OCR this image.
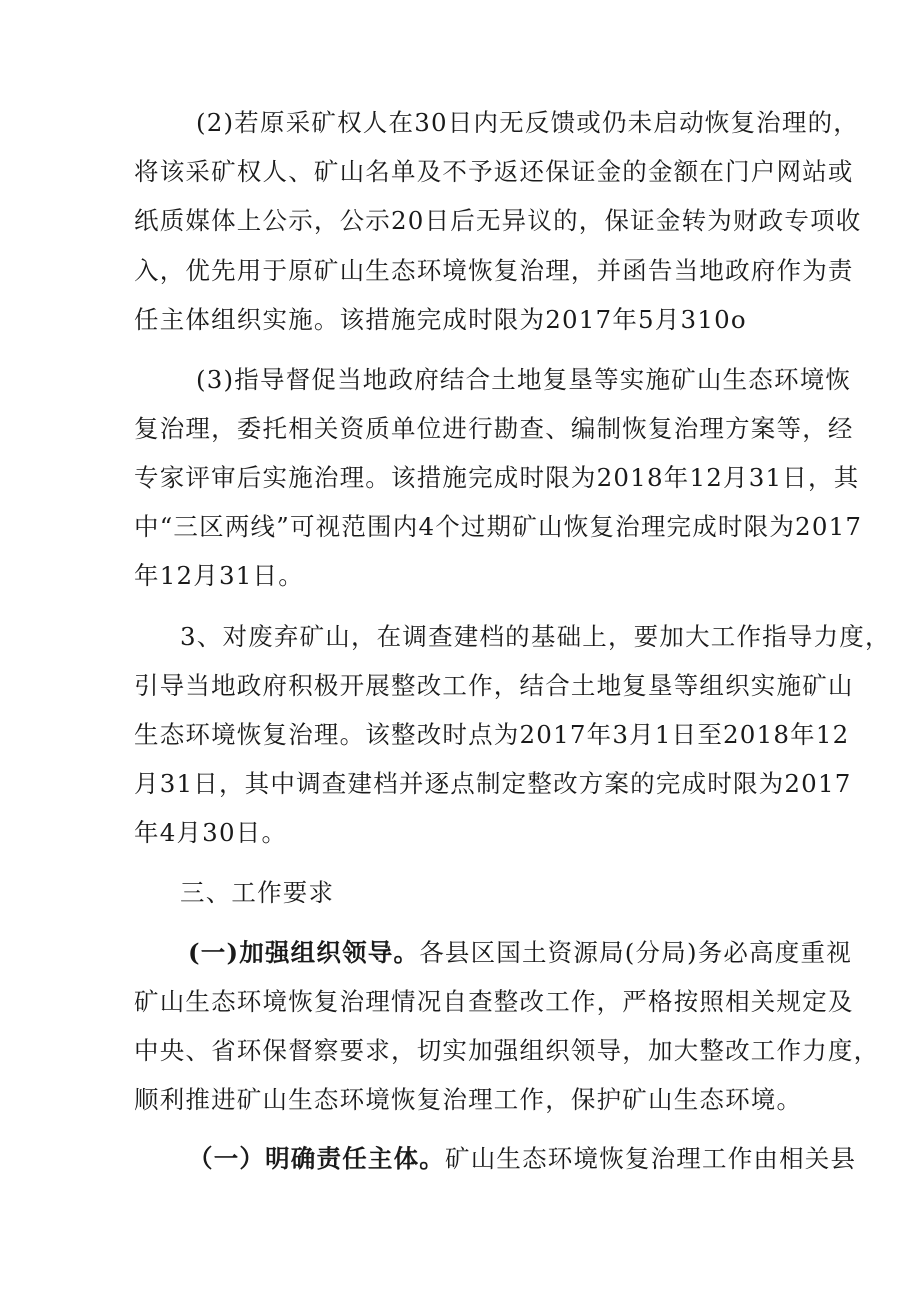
(2)若原采矿权人在30日内无反馈或仍未启动恢复治理的，
将该采矿权人、矿山名单及不予返还保证金的金额在门户网站或
纸质媒体上公示，公示20日后无异议的，保证金转为财政专项收
入，优先用于原矿山生态环境恢复治理，并函告当地政府作为责
任主体组织实施。该措施完成时限为2017年5月310o
(3)指导督促当地政府结合土地复垦等实施矿山生态环境恢
复治理，委托相关资质单位进行勘查、编制恢复治理方案等，经
专家评审后实施治理。该措施完成时限为2018年12月31日，其
中“三区两线”可视范围内4个过期矿山恢复治理完成时限为2017
年12月31日。
3、对废弃矿山，在调查建档的基础上，要加大工作指导力度，
引导当地政府积极开展整改工作，结合土地复垦等组织实施矿山
生态环境恢复治理。该整改时点为2017年3月1日至2018年12
月31日，其中调查建档并逐点制定整改方案的完成时限为2017
年4月30日。
三、工作要求
(一)加强组织领导。各县区国土资源局(分局)务必高度重视
矿山生态环境恢复治理情况自查整改工作，严格按照相关规定及
中央、省环保督察要求，切实加强组织领导，加大整改工作力度，
顺利推进矿山生态环境恢复治理工作，保护矿山生态环境。
（一）明确责任主体。矿山生态环境恢复治理工作由相关县
